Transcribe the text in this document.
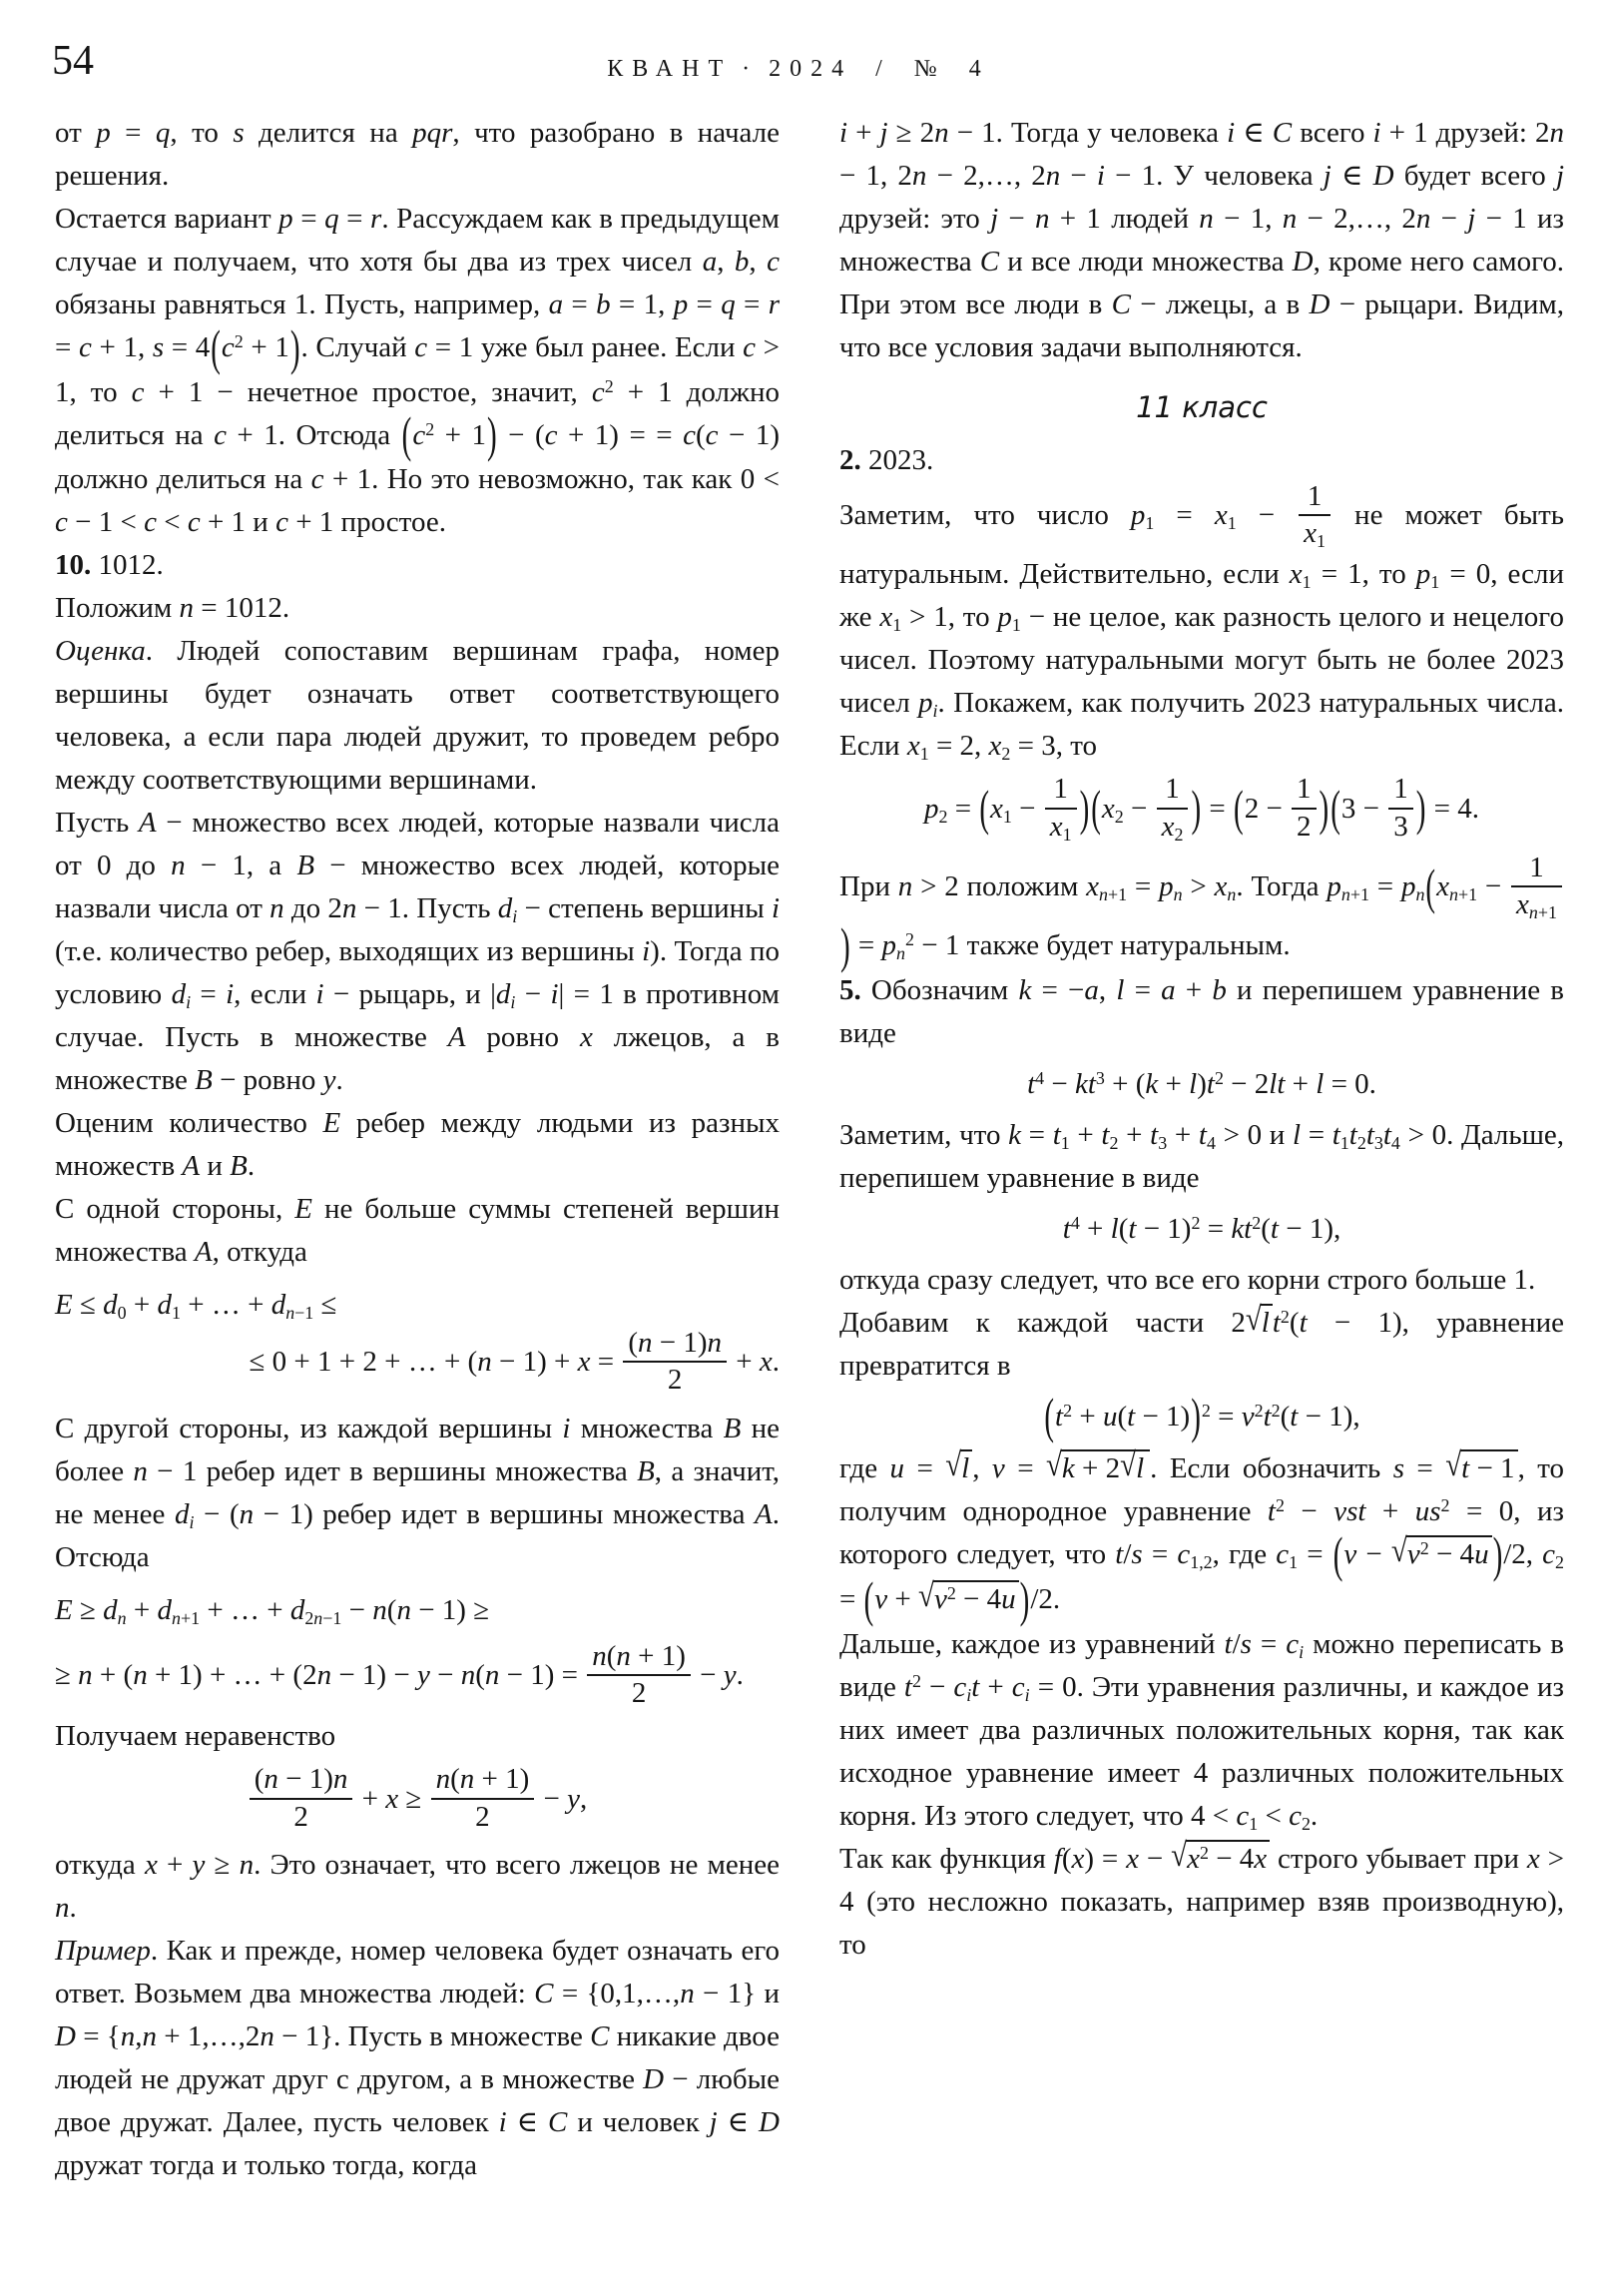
54	КВАНТ · 2024 / № 4

от p = q, то s делится на pqr, что разобрано в начале решения.

Остается вариант p = q = r. Рассуждаем как в предыдущем случае и получаем, что хотя бы два из трех чисел a, b, c обязаны равняться 1. Пусть, например, a = b = 1, p = q = r = c + 1, $s = 4(c^2 + 1)$. Случай c = 1 уже был ранее. Если c > 1, то c + 1 − нечетное простое, значит, $c^2 + 1$ должно делиться на c + 1. Отсюда $(c^2 + 1) - (c + 1)$ = = c(c − 1) должно делиться на c + 1. Но это невозможно, так как 0 < c − 1 < c < c + 1 и c + 1 простое.

10. 1012.

Положим n = 1012.

Оценка. Людей сопоставим вершинам графа, номер вершины будет означать ответ соответствующего человека, а если пара людей дружит, то проведем ребро между соответствующими вершинами.

Пусть A − множество всех людей, которые назвали числа от 0 до n − 1, а B − множество всех людей, которые назвали числа от n до 2n − 1. Пусть $d_i$ − степень вершины i (т.е. количество ребер, выходящих из вершины i). Тогда по условию $d_i = i$, если i − рыцарь, и $|d_i - i| = 1$ в противном случае. Пусть в множестве A ровно x лжецов, а в множестве B − ровно y.

Оценим количество E ребер между людьми из разных множеств A и B.

С одной стороны, E не больше суммы степеней вершин множества A, откуда

$E \le d_0 + d_1$ + … + $d_{n-1}$ ≤
≤ 0 + 1 + 2 + … + $(n - 1) + x = \frac{(n - 1)n}{2} + x$.

С другой стороны, из каждой вершины i множества B не более n − 1 ребер идет в вершины множества B, а значит, не менее $d_i - (n - 1)$ ребер идет в вершины множества A. Отсюда

$E \ge d_n + d_{n+1}$ + … + $d_{2n-1} - n(n - 1)$ ≥
≥ n + (n + 1) + … + $(2n - 1) - y - n(n - 1) = \frac{n(n + 1)}{2} - y$.

Получаем неравенство

$\frac{(n - 1)n}{2} + x \ge \frac{n(n + 1)}{2} - y$,

откуда x + y ≥ n. Это означает, что всего лжецов не менее n.

Пример. Как и прежде, номер человека будет означать его ответ. Возьмем два множества людей: C = {0,1,…,n − 1} и D = {n,n + 1,…,2n − 1}. Пусть в множестве C никакие двое людей не дружат друг с другом, а в множестве D − любые двое дружат. Далее, пусть человек i ∈ C и человек j ∈ D дружат тогда и только тогда, когда

i + j ≥ 2n − 1. Тогда у человека i ∈ C всего i + 1 друзей: 2n − 1, 2n − 2,…, 2n − i − 1. У человека j ∈ D будет всего j друзей: это j − n + 1 людей n − 1, n − 2,…, 2n − j − 1 из множества C и все люди множества D, кроме него самого. При этом все люди в C − лжецы, а в D − рыцари. Видим, что все условия задачи выполняются.

11 класс

2. 2023.

Заметим, что число $p_1 = x_1 - \frac{1}{x_1}$ не может быть натуральным. Действительно, если $x_1 = 1$, то $p_1 = 0$, если же $x_1 > 1$, то $p_1$ − не целое, как разность целого и нецелого чисел. Поэтому натуральными могут быть не более 2023 чисел $p_i$. Покажем, как получить 2023 натуральных числа. Если $x_1 = 2$, $x_2 = 3$, то

$p_2 = (x_1 - \frac{1}{x_1} )(x_2 - \frac{1}{x_2}$ ) = $(2 - \frac{1}{2} )(3 - \frac{1}{3}$ ) = 4.

При n > 2 положим $x_{n+1} = p_n > x_n$. Тогда $p_{n+1} = p_n(x_{n+1} - \frac{1}{x_{n+1}}$
) = $p_n^2 - 1$ также будет натуральным.

5. Обозначим k = −a, l = a + b и перепишем уравнение в виде

$t^4 - kt^3 + (k + l)t^2 - 2lt + l = 0$.

Заметим, что $k = t_1 + t_2 + t_3 + t_4 > 0$ и $l = t_1t_2t_3t_4 > 0$. Дальше, перепишем уравнение в виде

$t^4 + l(t - 1)^2 = kt^2(t - 1)$,

откуда сразу следует, что все его корни строго больше 1.

Добавим к каждой части 2√l $t^2(t - 1)$, уравнение превратится в

$(t^2 + u(t - 1))^2 = v^2t^2(t - 1)$,

где u = √l , v = √k + 2√l . Если обозначить s = √t − 1 , то получим однородное уравнение $t^2$ − vst + $us^2 = 0$, из которого следует, что $t/s = c_{1,2}$, где $c_1 = (v - √v^2 - 4u$ )/2, $c_2 = (v + √v^2 - 4u$ )/2.

Дальше, каждое из уравнений $t/s = c_i$ можно переписать в виде $t^2 - c_it + c_i = 0$. Эти уравнения различны, и каждое из них имеет два различных положительных корня, так как исходное уравнение имеет 4 различных положительных корня. Из этого следует, что $4 < c_1 < c_2$.

Так как функция $f(x) = x - √x^2 - 4x$ строго убывает при x > 4 (это несложно показать, например взяв производную), то
